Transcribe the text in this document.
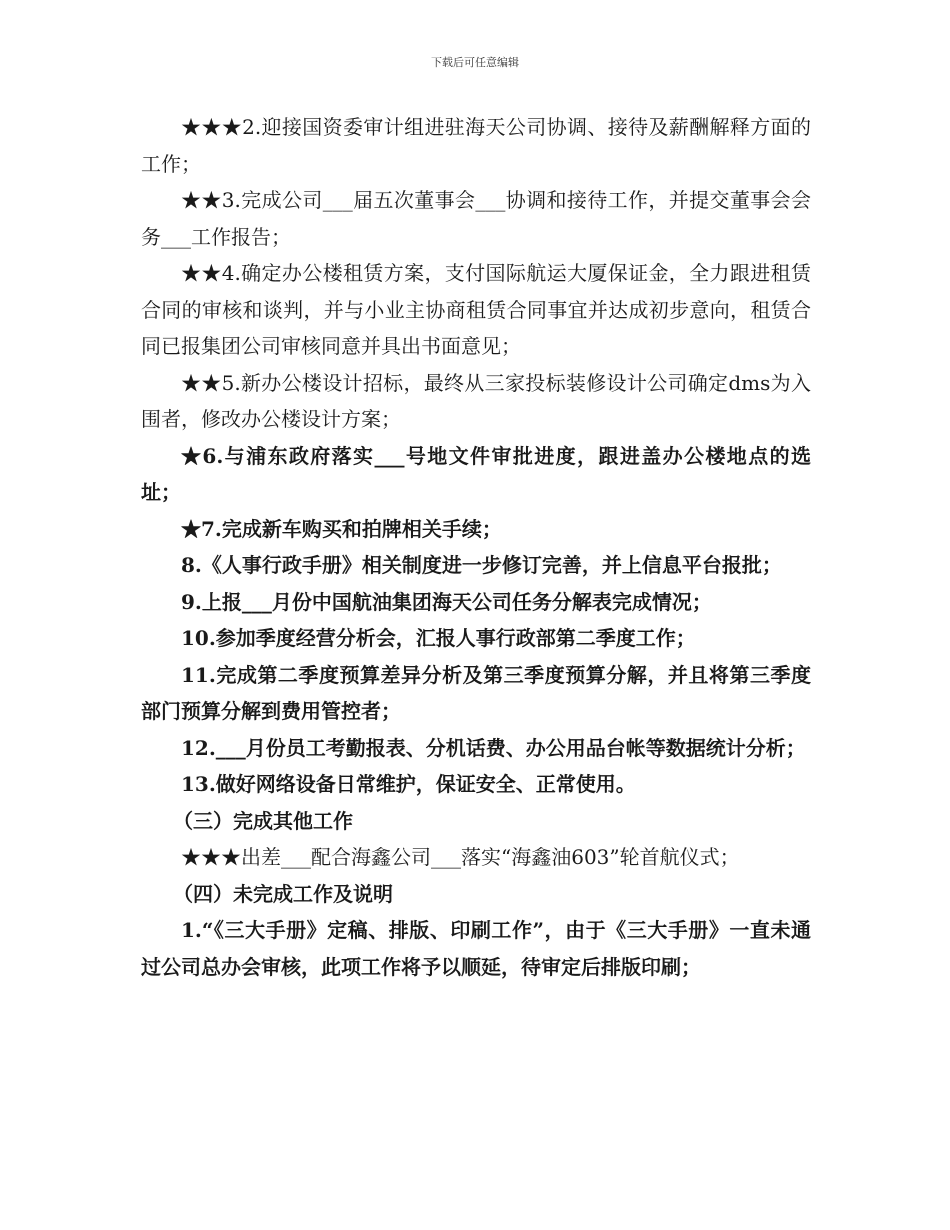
下载后可任意编辑

★★★2.迎接国资委审计组进驻海天公司协调、接待及薪酬解释方面的工作；

★★3.完成公司___届五次董事会___协调和接待工作，并提交董事会会务___工作报告；

★★4.确定办公楼租赁方案，支付国际航运大厦保证金，全力跟进租赁合同的审核和谈判，并与小业主协商租赁合同事宜并达成初步意向，租赁合同已报集团公司审核同意并具出书面意见；

★★5.新办公楼设计招标，最终从三家投标装修设计公司确定dms为入围者，修改办公楼设计方案；

★6.与浦东政府落实___号地文件审批进度，跟进盖办公楼地点的选址；

★7.完成新车购买和拍牌相关手续；

8.《人事行政手册》相关制度进一步修订完善，并上信息平台报批；

9.上报___月份中国航油集团海天公司任务分解表完成情况；

10.参加季度经营分析会，汇报人事行政部第二季度工作；

11.完成第二季度预算差异分析及第三季度预算分解，并且将第三季度部门预算分解到费用管控者；

12.___月份员工考勤报表、分机话费、办公用品台帐等数据统计分析；

13.做好网络设备日常维护，保证安全、正常使用。

（三）完成其他工作

★★★出差___配合海鑫公司___落实“海鑫油603”轮首航仪式；

（四）未完成工作及说明

1.“《三大手册》定稿、排版、印刷工作”，由于《三大手册》一直未通过公司总办会审核，此项工作将予以顺延，待审定后排版印刷；
